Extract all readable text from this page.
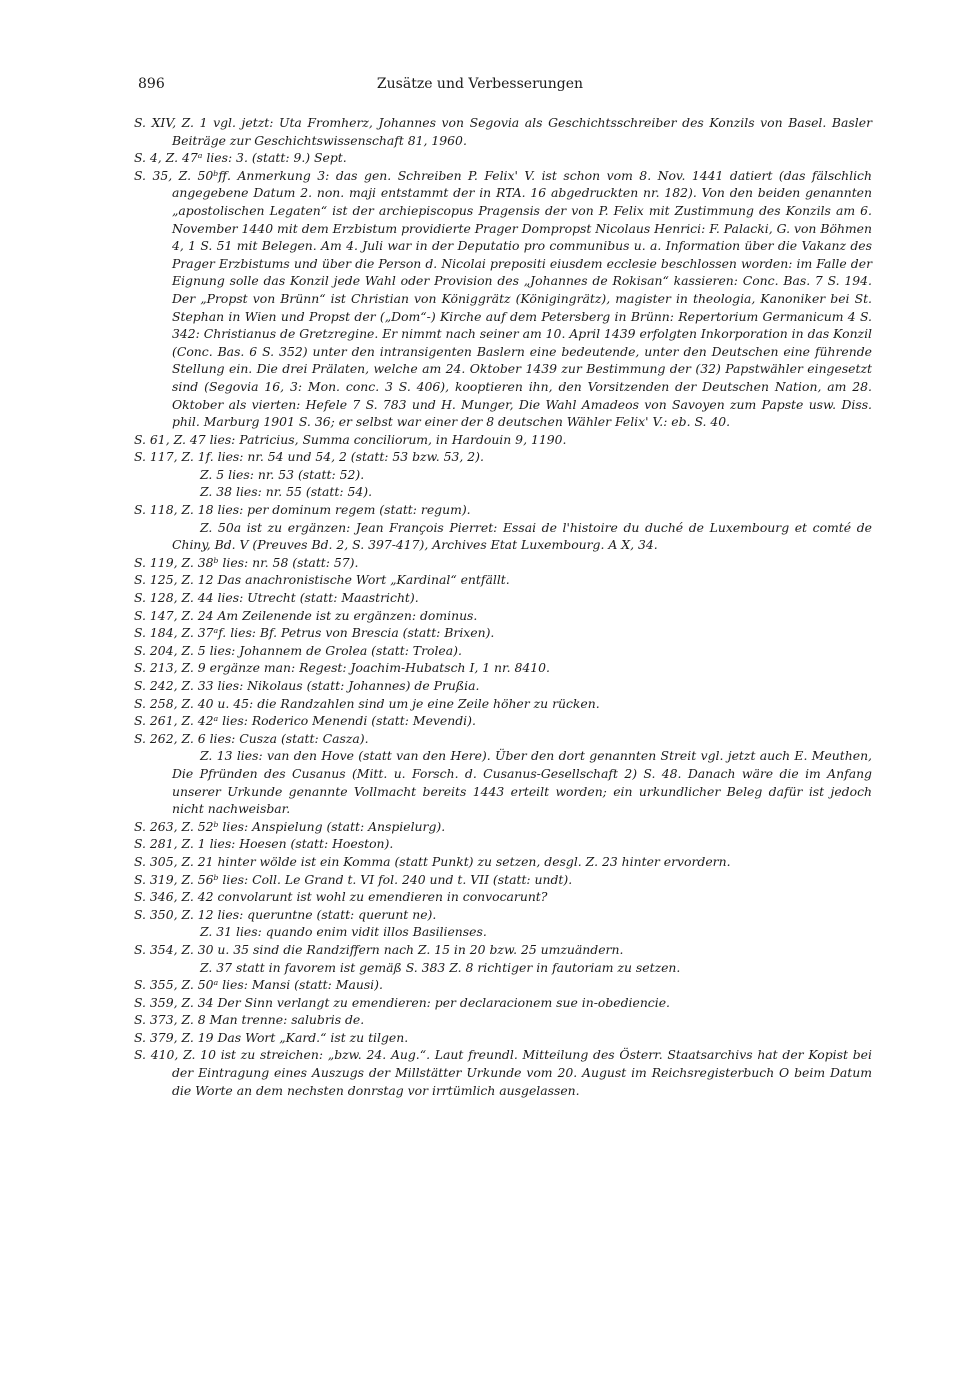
896	Zusätze und Verbesserungen

S. XIV, Z. 1 vgl. jetzt: Uta Fromherz, Johannes von Segovia als Geschichtsschreiber des Konzils von Basel. Basler Beiträge zur Geschichtswissenschaft 81, 1960.

S. 4, Z. 47ᵃ lies: 3. (statt: 9.) Sept.

S. 35, Z. 50ᵇff. Anmerkung 3: das gen. Schreiben P. Felix' V. ist schon vom 8. Nov. 1441 datiert (das fälschlich angegebene Datum 2. non. maji entstammt der in RTA. 16 abgedruckten nr. 182). Von den beiden genannten „apostolischen Legaten“ ist der archiepiscopus Pragensis der von P. Felix mit Zustimmung des Konzils am 6. November 1440 mit dem Erzbistum providierte Prager Dompropst Nicolaus Henrici: F. Palacki, G. von Böhmen 4, 1 S. 51 mit Belegen. Am 4. Juli war in der Deputatio pro communibus u. a. Information über die Vakanz des Prager Erzbistums und über die Person d. Nicolai prepositi eiusdem ecclesie beschlossen worden: im Falle der Eignung solle das Konzil jede Wahl oder Provision des „Johannes de Rokisan“ kassieren: Conc. Bas. 7 S. 194. Der „Propst von Brünn“ ist Christian von Königgrätz (Königingrätz), magister in theologia, Kanoniker bei St. Stephan in Wien und Propst der („Dom“-) Kirche auf dem Petersberg in Brünn: Repertorium Germanicum 4 S. 342: Christianus de Gretzregine. Er nimmt nach seiner am 10. April 1439 erfolgten Inkorporation in das Konzil (Conc. Bas. 6 S. 352) unter den intransigenten Baslern eine bedeutende, unter den Deutschen eine führende Stellung ein. Die drei Prälaten, welche am 24. Oktober 1439 zur Bestimmung der (32) Papstwähler eingesetzt sind (Segovia 16, 3: Mon. conc. 3 S. 406), kooptieren ihn, den Vorsitzenden der Deutschen Nation, am 28. Oktober als vierten: Hefele 7 S. 783 und H. Munger, Die Wahl Amadeos von Savoyen zum Papste usw. Diss. phil. Marburg 1901 S. 36; er selbst war einer der 8 deutschen Wähler Felix' V.: eb. S. 40.

S. 61, Z. 47 lies: Patricius, Summa conciliorum, in Hardouin 9, 1190.

S. 117, Z. 1f. lies: nr. 54 und 54, 2 (statt: 53 bzw. 53, 2).

Z. 5 lies: nr. 53 (statt: 52).

Z. 38 lies: nr. 55 (statt: 54).

S. 118, Z. 18 lies: per dominum regem (statt: regum).

Z. 50a ist zu ergänzen: Jean François Pierret: Essai de l'histoire du duché de Luxembourg et comté de Chiny, Bd. V (Preuves Bd. 2, S. 397-417), Archives Etat Luxembourg. A X, 34.

S. 119, Z. 38ᵇ lies: nr. 58 (statt: 57).

S. 125, Z. 12 Das anachronistische Wort „Kardinal“ entfällt.

S. 128, Z. 44 lies: Utrecht (statt: Maastricht).

S. 147, Z. 24 Am Zeilenende ist zu ergänzen: dominus.

S. 184, Z. 37ᵃf. lies: Bf. Petrus von Brescia (statt: Brixen).

S. 204, Z. 5 lies: Johannem de Grolea (statt: Trolea).

S. 213, Z. 9 ergänze man: Regest: Joachim-Hubatsch I, 1 nr. 8410.

S. 242, Z. 33 lies: Nikolaus (statt: Johannes) de Prußia.

S. 258, Z. 40 u. 45: die Randzahlen sind um je eine Zeile höher zu rücken.

S. 261, Z. 42ᵃ lies: Roderico Menendi (statt: Mevendi).

S. 262, Z. 6 lies: Cusza (statt: Casza).

Z. 13 lies: van den Hove (statt van den Here). Über den dort genannten Streit vgl. jetzt auch E. Meuthen, Die Pfründen des Cusanus (Mitt. u. Forsch. d. Cusanus-Gesellschaft 2) S. 48. Danach wäre die im Anfang unserer Urkunde genannte Vollmacht bereits 1443 erteilt worden; ein urkundlicher Beleg dafür ist jedoch nicht nachweisbar.

S. 263, Z. 52ᵇ lies: Anspielung (statt: Anspielurg).

S. 281, Z. 1 lies: Hoesen (statt: Hoeston).

S. 305, Z. 21 hinter wölde ist ein Komma (statt Punkt) zu setzen, desgl. Z. 23 hinter ervordern.

S. 319, Z. 56ᵇ lies: Coll. Le Grand t. VI fol. 240 und t. VII (statt: undt).

S. 346, Z. 42 convolarunt ist wohl zu emendieren in convocarunt?

S. 350, Z. 12 lies: queruntne (statt: querunt ne).

Z. 31 lies: quando enim vidit illos Basilienses.

S. 354, Z. 30 u. 35 sind die Randziffern nach Z. 15 in 20 bzw. 25 umzuändern.

Z. 37 statt in favorem ist gemäß S. 383 Z. 8 richtiger in fautoriam zu setzen.

S. 355, Z. 50ᵃ lies: Mansi (statt: Mausi).

S. 359, Z. 34 Der Sinn verlangt zu emendieren: per declaracionem sue in-obediencie.

S. 373, Z. 8 Man trenne: salubris de.

S. 379, Z. 19 Das Wort „Kard.“ ist zu tilgen.

S. 410, Z. 10 ist zu streichen: „bzw. 24. Aug.“. Laut freundl. Mitteilung des Österr. Staatsarchivs hat der Kopist bei der Eintragung eines Auszugs der Millstätter Urkunde vom 20. August im Reichsregisterbuch O beim Datum die Worte an dem nechsten donrstag vor irrtümlich ausgelassen.
